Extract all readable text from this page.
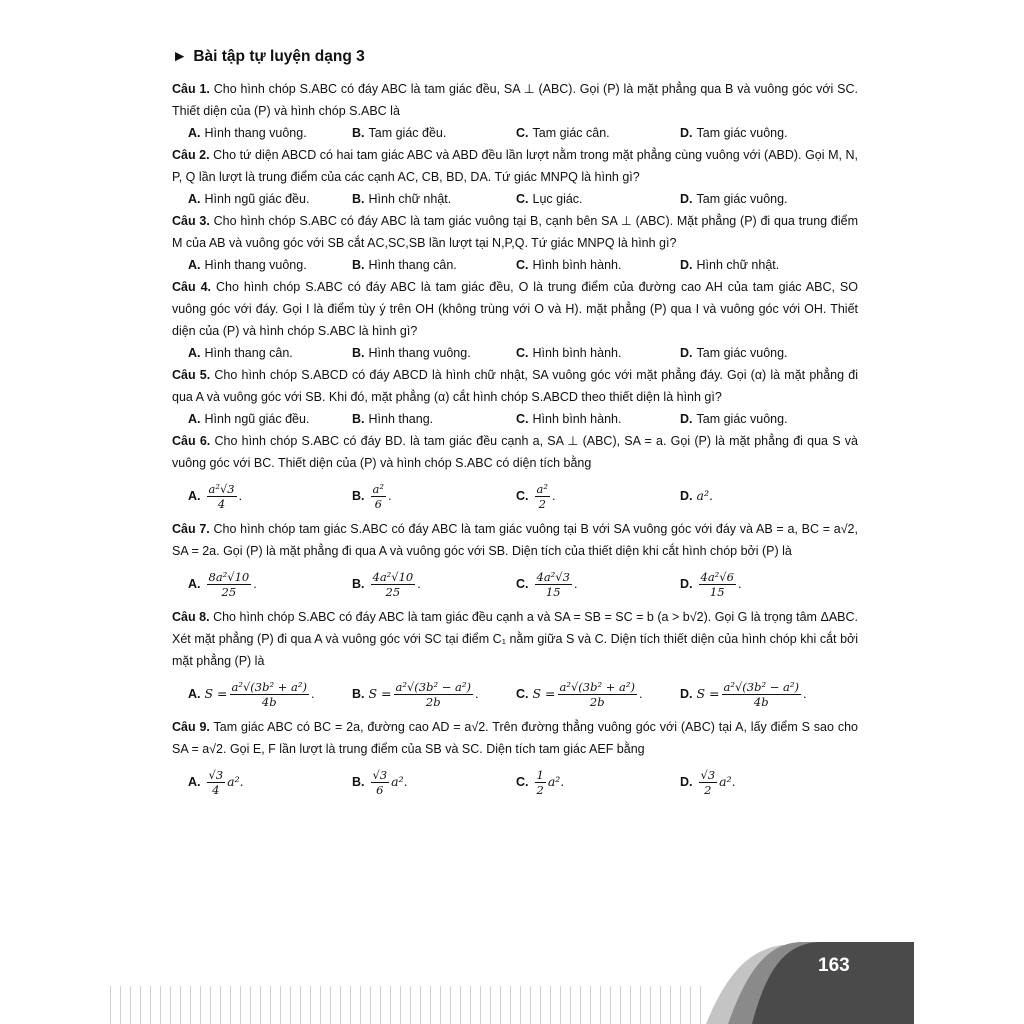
163
► Bài tập tự luyện dạng 3

Câu 1. Cho hình chóp S.ABC có đáy ABC là tam giác đều, SA ⊥ (ABC). Gọi (P) là mặt phẳng qua B và vuông góc với SC. Thiết diện của (P) và hình chóp S.ABC là

A. Hình thang vuông.	B. Tam giác đều.	C. Tam giác cân.	D. Tam giác vuông.

Câu 2. Cho tứ diện ABCD có hai tam giác ABC và ABD đều lần lượt nằm trong mặt phẳng cùng vuông với (ABD). Gọi M, N, P, Q lần lượt là trung điểm của các cạnh AC, CB, BD, DA. Tứ giác MNPQ là hình gì?

A. Hình ngũ giác đều.	B. Hình chữ nhật.	C. Lục giác.	D. Tam giác vuông.

Câu 3. Cho hình chóp S.ABC có đáy ABC là tam giác vuông tại B, cạnh bên SA ⊥ (ABC). Mặt phẳng (P) đi qua trung điểm M của AB và vuông góc với SB cắt AC,SC,SB lần lượt tại N,P,Q. Tứ giác MNPQ là hình gì?

A. Hình thang vuông.	B. Hình thang cân.	C. Hình bình hành.	D. Hình chữ nhật.

Câu 4. Cho hình chóp S.ABC có đáy ABC là tam giác đều, O là trung điểm của đường cao AH của tam giác ABC, SO vuông góc với đáy. Gọi I là điểm tùy ý trên OH (không trùng với O và H). mặt phẳng (P) qua I và vuông góc với OH. Thiết diện của (P) và hình chóp S.ABC là hình gì?

A. Hình thang cân.	B. Hình thang vuông.	C. Hình bình hành.	D. Tam giác vuông.

Câu 5. Cho hình chóp S.ABCD có đáy ABCD là hình chữ nhật, SA vuông góc với mặt phẳng đáy. Gọi (α) là mặt phẳng đi qua A và vuông góc với SB. Khi đó, mặt phẳng (α) cắt hình chóp S.ABCD theo thiết diện là hình gì?

A. Hình ngũ giác đều.	B. Hình thang.	C. Hình bình hành.	D. Tam giác vuông.

Câu 6. Cho hình chóp S.ABC có đáy BD. là tam giác đều cạnh a, SA ⊥ (ABC), SA = a. Gọi (P) là mặt phẳng đi qua S và vuông góc với BC. Thiết diện của (P) và hình chóp S.ABC có diện tích bằng

A. $\frac{\text{a²√3}}{4}$ .	B. $\frac{\text{a²}}{6}$ .	C. $\frac{\text{a²}}{2}$ .	D. a².

Câu 7. Cho hình chóp tam giác S.ABC có đáy ABC là tam giác vuông tại B với SA vuông góc với đáy và AB = a, BC = a√2, SA = 2a. Gọi (P) là mặt phẳng đi qua A và vuông góc với SB. Diện tích của thiết diện khi cắt hình chóp bởi (P) là

A. $\frac{\text{8a²√10}}{25}$ .	B. $\frac{\text{4a²√10}}{25}$ .	C. $\frac{\text{4a²√3}}{15}$ .	D. $\frac{\text{4a²√6}}{15}$ .

Câu 8. Cho hình chóp S.ABC có đáy ABC là tam giác đều cạnh a và SA = SB = SC = b (a > b√2). Gọi G là trọng tâm ΔABC. Xét mặt phẳng (P) đi qua A và vuông góc với SC tại điểm C₁ nằm giữa S và C. Diện tích thiết diện của hình chóp khi cắt bởi mặt phẳng (P) là

A. $S = \frac{\text{a²√(3b² + a²)}}{4b}$ .	B. $S = \frac{\text{a²√(3b² − a²)}}{2b}$ .	C. $S = \frac{\text{a²√(3b² + a²)}}{2b}$ .	D. $S = \frac{\text{a²√(3b² − a²)}}{4b}$ .

Câu 9. Tam giác ABC có BC = 2a, đường cao AD = a√2. Trên đường thẳng vuông góc với (ABC) tại A, lấy điểm S sao cho SA = a√2. Gọi E, F lần lượt là trung điểm của SB và SC. Diện tích tam giác AEF bằng

A. $\frac{√3}{4} a^2$.	B. $\frac{√3}{6} a^2$.	C. $\frac{1}{2} a^2$.	D. $\frac{√3}{2} a^2$.
